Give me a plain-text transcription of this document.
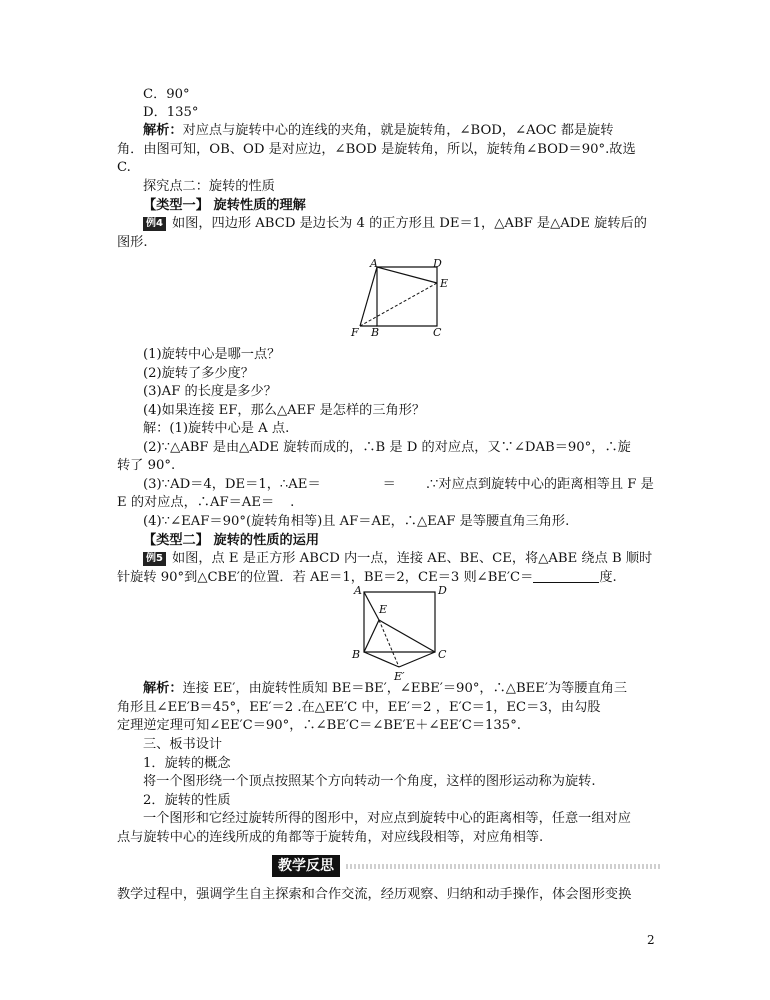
C．90°
D．135°
解析：对应点与旋转中心的连线的夹角，就是旋转角，∠BOD，∠AOC 都是旋转
角．由图可知，OB、OD 是对应边，∠BOD 是旋转角，所以，旋转角∠BOD＝90°.故选
C.
探究点二：旋转的性质
【类型一】 旋转性质的理解
例4 如图，四边形 ABCD 是边长为 4 的正方形且 DE＝1，△ABF 是△ADE 旋转后的
图形.
A	D
E
F B	C
(1)旋转中心是哪一点？
(2)旋转了多少度？
(3)AF 的长度是多少？
(4)如果连接 EF，那么△AEF 是怎样的三角形？
解：(1)旋转中心是 A 点.
(2)∵△ABF 是由△ADE 旋转而成的，∴B 是 D 的对应点，又∵∠DAB＝90°，∴旋
转了 90°.
(3)∵AD＝4，DE＝1，∴AE＝	＝ .∵对应点到旋转中心的距离相等且 F 是
E 的对应点，∴AF＝AE＝ .
(4)∵∠EAF＝90°(旋转角相等)且 AF＝AE，∴△EAF 是等腰直角三角形.
【类型二】 旋转的性质的运用
例5 如图，点 E 是正方形 ABCD 内一点，连接 AE、BE、CE，将△ABE 绕点 B 顺时
针旋转 90°到△CBE′的位置．若 AE＝1，BE＝2，CE＝3 则∠BE′C＝	度.
A	D
E
B	C
E′
解析：连接 EE′，由旋转性质知 BE＝BE′，∠EBE′＝90°，∴△BEE′为等腰直角三
角形且∠EE′B＝45°，EE′＝2 .在△EE′C 中，EE′＝2 ，E′C＝1，EC＝3，由勾股
定理逆定理可知∠EE′C＝90°，∴∠BE′C＝∠BE′E＋∠EE′C＝135°.
三、板书设计
1．旋转的概念
将一个图形绕一个顶点按照某个方向转动一个角度，这样的图形运动称为旋转.
2．旋转的性质
一个图形和它经过旋转所得的图形中，对应点到旋转中心的距离相等，任意一组对应
点与旋转中心的连线所成的角都等于旋转角，对应线段相等，对应角相等.
教学反思
教学过程中，强调学生自主探索和合作交流，经历观察、归纳和动手操作，体会图形变换
2
